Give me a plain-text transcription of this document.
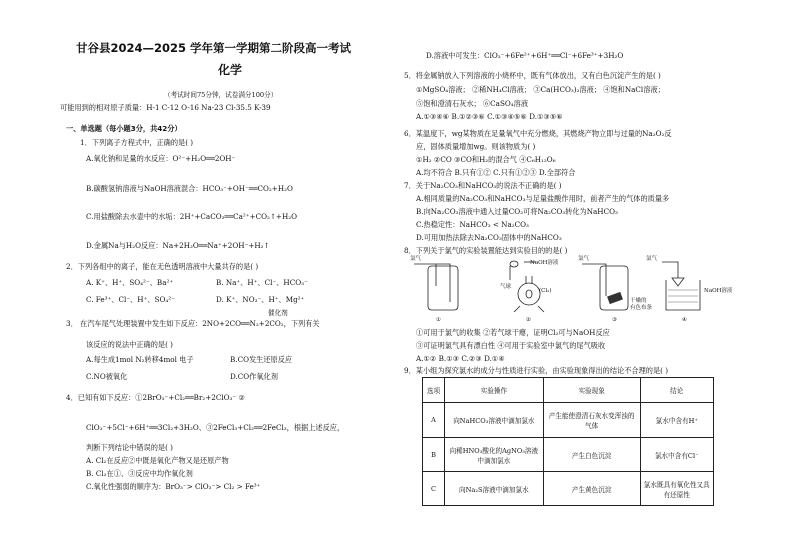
甘谷县2024—2025 学年第一学期第二阶段高一考试
化学
（考试时间75分钟，试卷满分100分）
可能用到的相对原子质量：H-1 C-12 O-16 Na-23 Cl-35.5 K-39
一、单选题（每小题3分，共42分）
1．下列离子方程式中，正确的是( )
A.氧化钠和足量的水反应：O²⁻+H₂O══2OH⁻
B.碳酸氢钠溶液与NaOH溶液混合：HCO₃⁻+OH⁻══CO₂+H₂O
C.用盐酸除去水壶中的水垢：2H⁺+CaCO₃══Ca²⁺+CO₂↑+H₂O
D.金属Na与H₂O反应：Na+2H₂O══Na⁺+2OH⁻+H₂↑
2．下列各组中的离子，能在无色透明溶液中大量共存的是( )
A. K⁺、H⁺、SO₄²⁻、Ba²⁺	B. Na⁺、H⁺、Cl⁻、HCO₃⁻
C. Fe³⁺、Cl⁻、H⁺、SO₄²⁻	D. K⁺、NO₃⁻、H⁺、Mg²⁺
催化剂
3． 在汽车尾气处理装置中发生如下反应：2NO+2CO══N₂+2CO₂，下列有关
该反应的说法中正确的是( )
A.每生成1mol N₂转移4mol 电子	B.CO发生还原反应
C.NO被氧化	D.CO作氧化剂
4．已知有如下反应：①2BrO₃⁻+Cl₂══Br₂+2ClO₃⁻ ②
ClO₃⁻+5Cl⁻+6H⁺══3Cl₂+3H₂O、③2FeCl₃+Cl₂══2FeCl₃，根据上述反应，
判断下列结论中错误的是( )
A. Cl₂在反应②中既是氧化产物又是还原产物
B. Cl₂在①、③反应中均作氧化剂
C.氧化性强弱的顺序为：BrO₃⁻> ClO₃⁻> Cl₂ > Fe³⁺
D.溶液中可发生：ClO₃⁻+6Fe²⁺+6H⁺══Cl⁻+6Fe³⁺+3H₂O
5．将金属钠放入下列溶液的小烧杯中，既有气体放出，又有白色沉淀产生的是( )
①MgSO₄溶液； ②稀NH₄Cl溶液； ③Ca(HCO₃)₂溶液； ④饱和NaCl溶液；
⑤饱和澄清石灰水； ⑥CaSO₄溶液
A.①③④⑥ B.①②③⑥ C.①③④⑤⑥ D.①③⑤⑥
6．某温度下，wg某物质在足量氧气中充分燃烧，其燃烧产物立即与过量的Na₂O₂反
应，固体质量增加wg。则该物质为( )
①H₂ ②CO ③CO和H₂的混合气 ④C₆H₁₂O₆
A.均不符合 B.只有①② C.只有①②③ D.全部符合
7．关于Na₂CO₃和NaHCO₃的说法不正确的是( )
A.相同质量的Na₂CO₃和NaHCO₃与足量盐酸作用时，前者产生的气体的质量多
B.向Na₂CO₃溶液中通入过量CO₂可将Na₂CO₃转化为NaHCO₃
C.热稳定性：NaHCO₃ < Na₂CO₃
D.可用加热法除去Na₂CO₃固体中的NaHCO₃
8．下列关于氯气的实验装置能达到实验目的的是( )
氯气
NaOH溶液
气球
(Cl₂)
氯气
干燥的
有色布条
氯气
NaOH溶液
①	②	③	④
①可用于氯气的收集 ②若气球干瘪，证明Cl₂可与NaOH反应
③可证明氯气具有漂白性 ④可用于实验室中氯气的尾气吸收
A.①② B.①③ C.②③ D.①④
9．某小组为探究氯水的成分与性质进行实验，由实验现象得出的结论不合理的是( )
选项	实验操作	实验现象	结论
A	向NaHCO₃溶液中滴加氯水	产生能使澄清石灰水变浑浊的气体	氯水中含有H⁺
B	向稀HNO₃酸化的AgNO₃溶液中滴加氯水	产生白色沉淀	氯水中含有Cl⁻
C	向Na₂S溶液中滴加氯水	产生黄色沉淀	氯水既具有氧化性又具有还原性
